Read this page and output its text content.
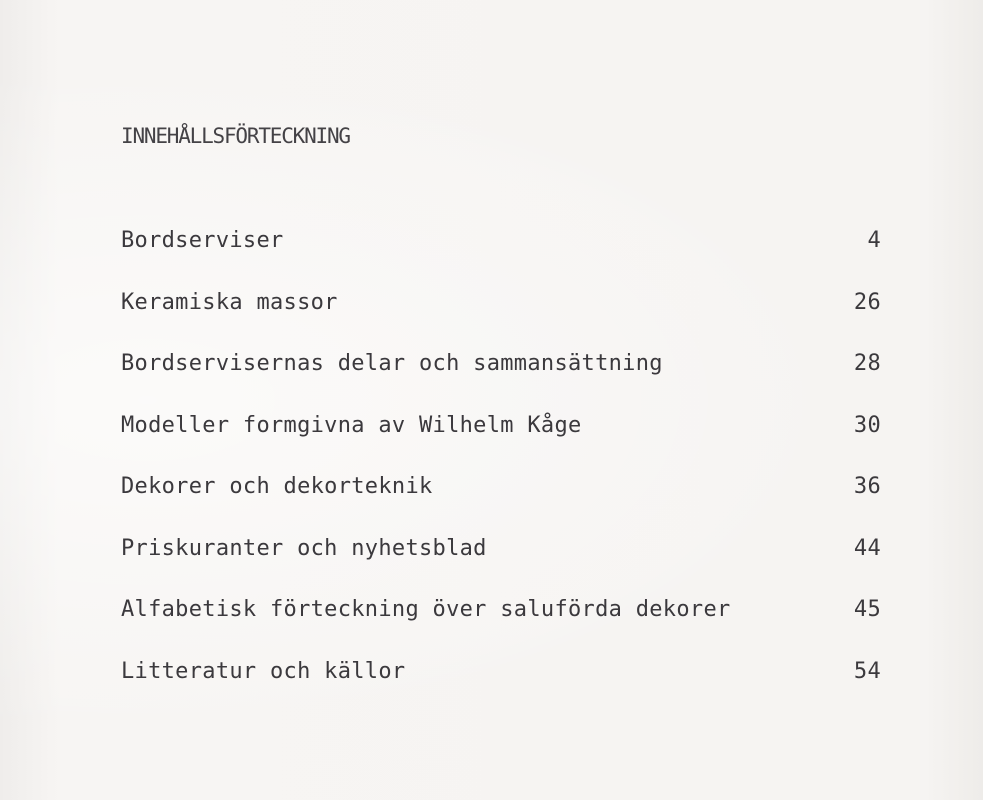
INNEHÅLLSFÖRTECKNING
Bordserviser	4
Keramiska massor	26
Bordservisernas delar och sammansättning	28
Modeller formgivna av Wilhelm Kåge	30
Dekorer och dekorteknik	36
Priskuranter och nyhetsblad	44
Alfabetisk förteckning över saluförda dekorer	45
Litteratur och källor	54
